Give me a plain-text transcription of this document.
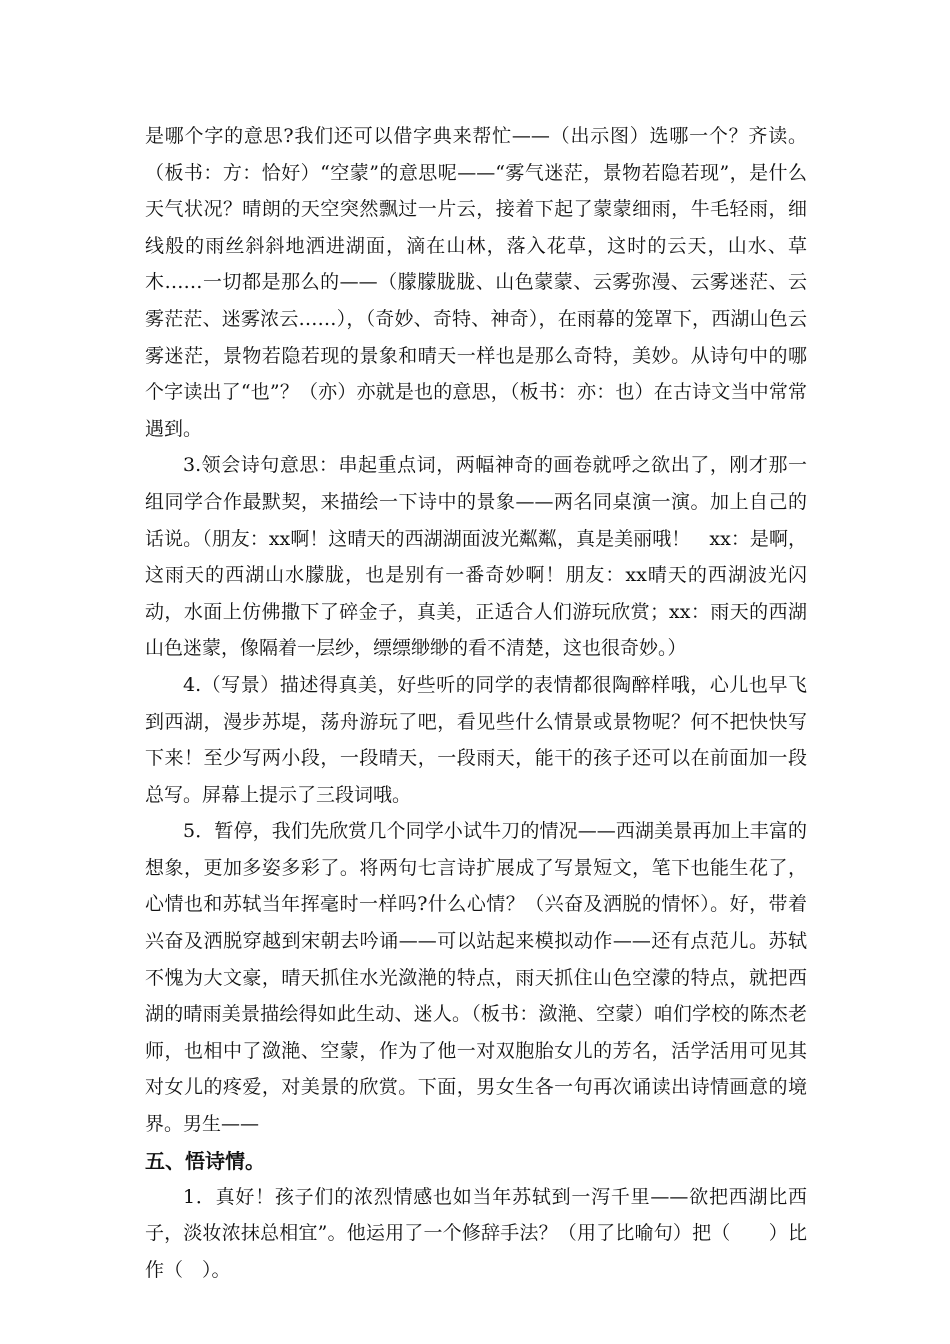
是哪个字的意思?我们还可以借字典来帮忙——（出示图）选哪一个？齐读。（板书：方：恰好）“空蒙”的意思呢——“雾气迷茫，景物若隐若现”，是什么天气状况？晴朗的天空突然飘过一片云，接着下起了蒙蒙细雨，牛毛轻雨，细线般的雨丝斜斜地洒进湖面，滴在山林，落入花草，这时的云天，山水、草木……一切都是那么的——（朦朦胧胧、山色蒙蒙、云雾弥漫、云雾迷茫、云雾茫茫、迷雾浓云……），（奇妙、奇特、神奇），在雨幕的笼罩下，西湖山色云雾迷茫，景物若隐若现的景象和晴天一样也是那么奇特，美妙。从诗句中的哪个字读出了“也”？（亦）亦就是也的意思，（板书：亦：也）在古诗文当中常常遇到。

3.领会诗句意思：串起重点词，两幅神奇的画卷就呼之欲出了，刚才那一组同学合作最默契，来描绘一下诗中的景象——两名同桌演一演。加上自己的话说。（朋友：xx啊！这晴天的西湖湖面波光粼粼，真是美丽哦！　xx：是啊，这雨天的西湖山水朦胧，也是别有一番奇妙啊！朋友：xx晴天的西湖波光闪动，水面上仿佛撒下了碎金子，真美，正适合人们游玩欣赏；xx：雨天的西湖山色迷蒙，像隔着一层纱，缥缥缈缈的看不清楚，这也很奇妙。）

4.（写景）描述得真美，好些听的同学的表情都很陶醉样哦，心儿也早飞到西湖，漫步苏堤，荡舟游玩了吧，看见些什么情景或景物呢？何不把快快写下来！至少写两小段，一段晴天，一段雨天，能干的孩子还可以在前面加一段总写。屏幕上提示了三段词哦。

5．暂停，我们先欣赏几个同学小试牛刀的情况——西湖美景再加上丰富的想象，更加多姿多彩了。将两句七言诗扩展成了写景短文，笔下也能生花了，心情也和苏轼当年挥毫时一样吗?什么心情？（兴奋及洒脱的情怀）。好，带着兴奋及洒脱穿越到宋朝去吟诵——可以站起来模拟动作——还有点范儿。苏轼不愧为大文豪，晴天抓住水光潋滟的特点，雨天抓住山色空濛的特点，就把西湖的晴雨美景描绘得如此生动、迷人。（板书：潋滟、空蒙）咱们学校的陈杰老师，也相中了潋滟、空蒙，作为了他一对双胞胎女儿的芳名，活学活用可见其对女儿的疼爱，对美景的欣赏。下面，男女生各一句再次诵读出诗情画意的境界。男生——

五、悟诗情。

1．真好！孩子们的浓烈情感也如当年苏轼到一泻千里——欲把西湖比西子，淡妆浓抹总相宜”。他运用了一个修辞手法？（用了比喻句）把（　　）比作（　）。
